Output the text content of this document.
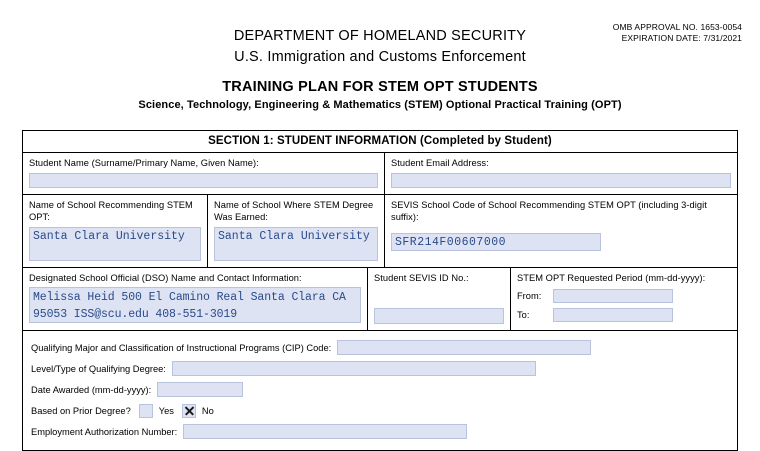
OMB APPROVAL NO. 1653-0054
EXPIRATION DATE: 7/31/2021
DEPARTMENT OF HOMELAND SECURITY
U.S. Immigration and Customs Enforcement
TRAINING PLAN FOR STEM OPT STUDENTS
Science, Technology, Engineering & Mathematics (STEM) Optional Practical Training (OPT)
SECTION 1: STUDENT INFORMATION (Completed by Student)
Student Name (Surname/Primary Name, Given Name):	Student Email Address:
Name of School Recommending STEM OPT:
Santa Clara University
Name of School Where STEM Degree Was Earned:
Santa Clara University
SEVIS School Code of School Recommending STEM OPT (including 3-digit suffix):
SFR214F00607000
Designated School Official (DSO) Name and Contact Information:
Melissa Heid 500 El Camino Real Santa Clara CA 95053 ISS@scu.edu 408-551-3019
Student SEVIS ID No.:	STEM OPT Requested Period (mm-dd-yyyy):
From:
To:
Qualifying Major and Classification of Instructional Programs (CIP) Code:
Level/Type of Qualifying Degree:
Date Awarded (mm-dd-yyyy):
Based on Prior Degree?	Yes	No
Employment Authorization Number:
